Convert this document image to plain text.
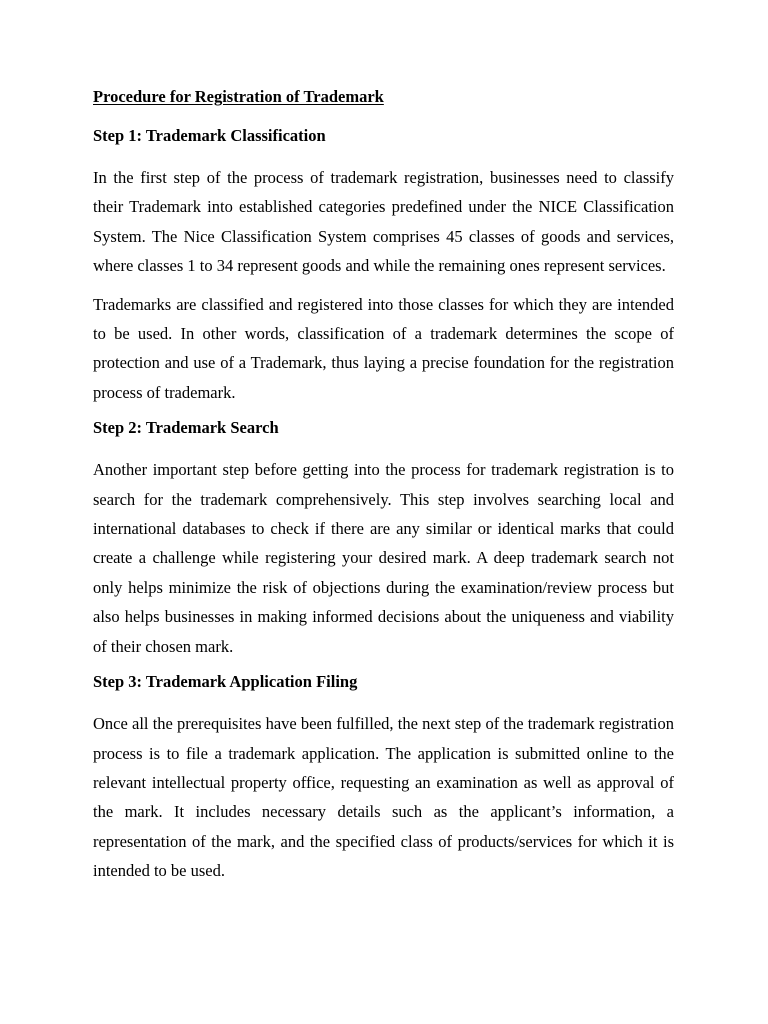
Procedure for Registration of Trademark
Step 1: Trademark Classification

In the first step of the process of trademark registration, businesses need to classify their Trademark into established categories predefined under the NICE Classification System. The Nice Classification System comprises 45 classes of goods and services, where classes 1 to 34 represent goods and while the remaining ones represent services.

Trademarks are classified and registered into those classes for which they are intended to be used. In other words, classification of a trademark determines the scope of protection and use of a Trademark, thus laying a precise foundation for the registration process of trademark.

Step 2: Trademark Search

Another important step before getting into the process for trademark registration is to search for the trademark comprehensively. This step involves searching local and international databases to check if there are any similar or identical marks that could create a challenge while registering your desired mark. A deep trademark search not only helps minimize the risk of objections during the examination/review process but also helps businesses in making informed decisions about the uniqueness and viability of their chosen mark.

Step 3: Trademark Application Filing

Once all the prerequisites have been fulfilled, the next step of the trademark registration process is to file a trademark application. The application is submitted online to the relevant intellectual property office, requesting an examination as well as approval of the mark. It includes necessary details such as the applicant’s information, a representation of the mark, and the specified class of products/services for which it is intended to be used.
